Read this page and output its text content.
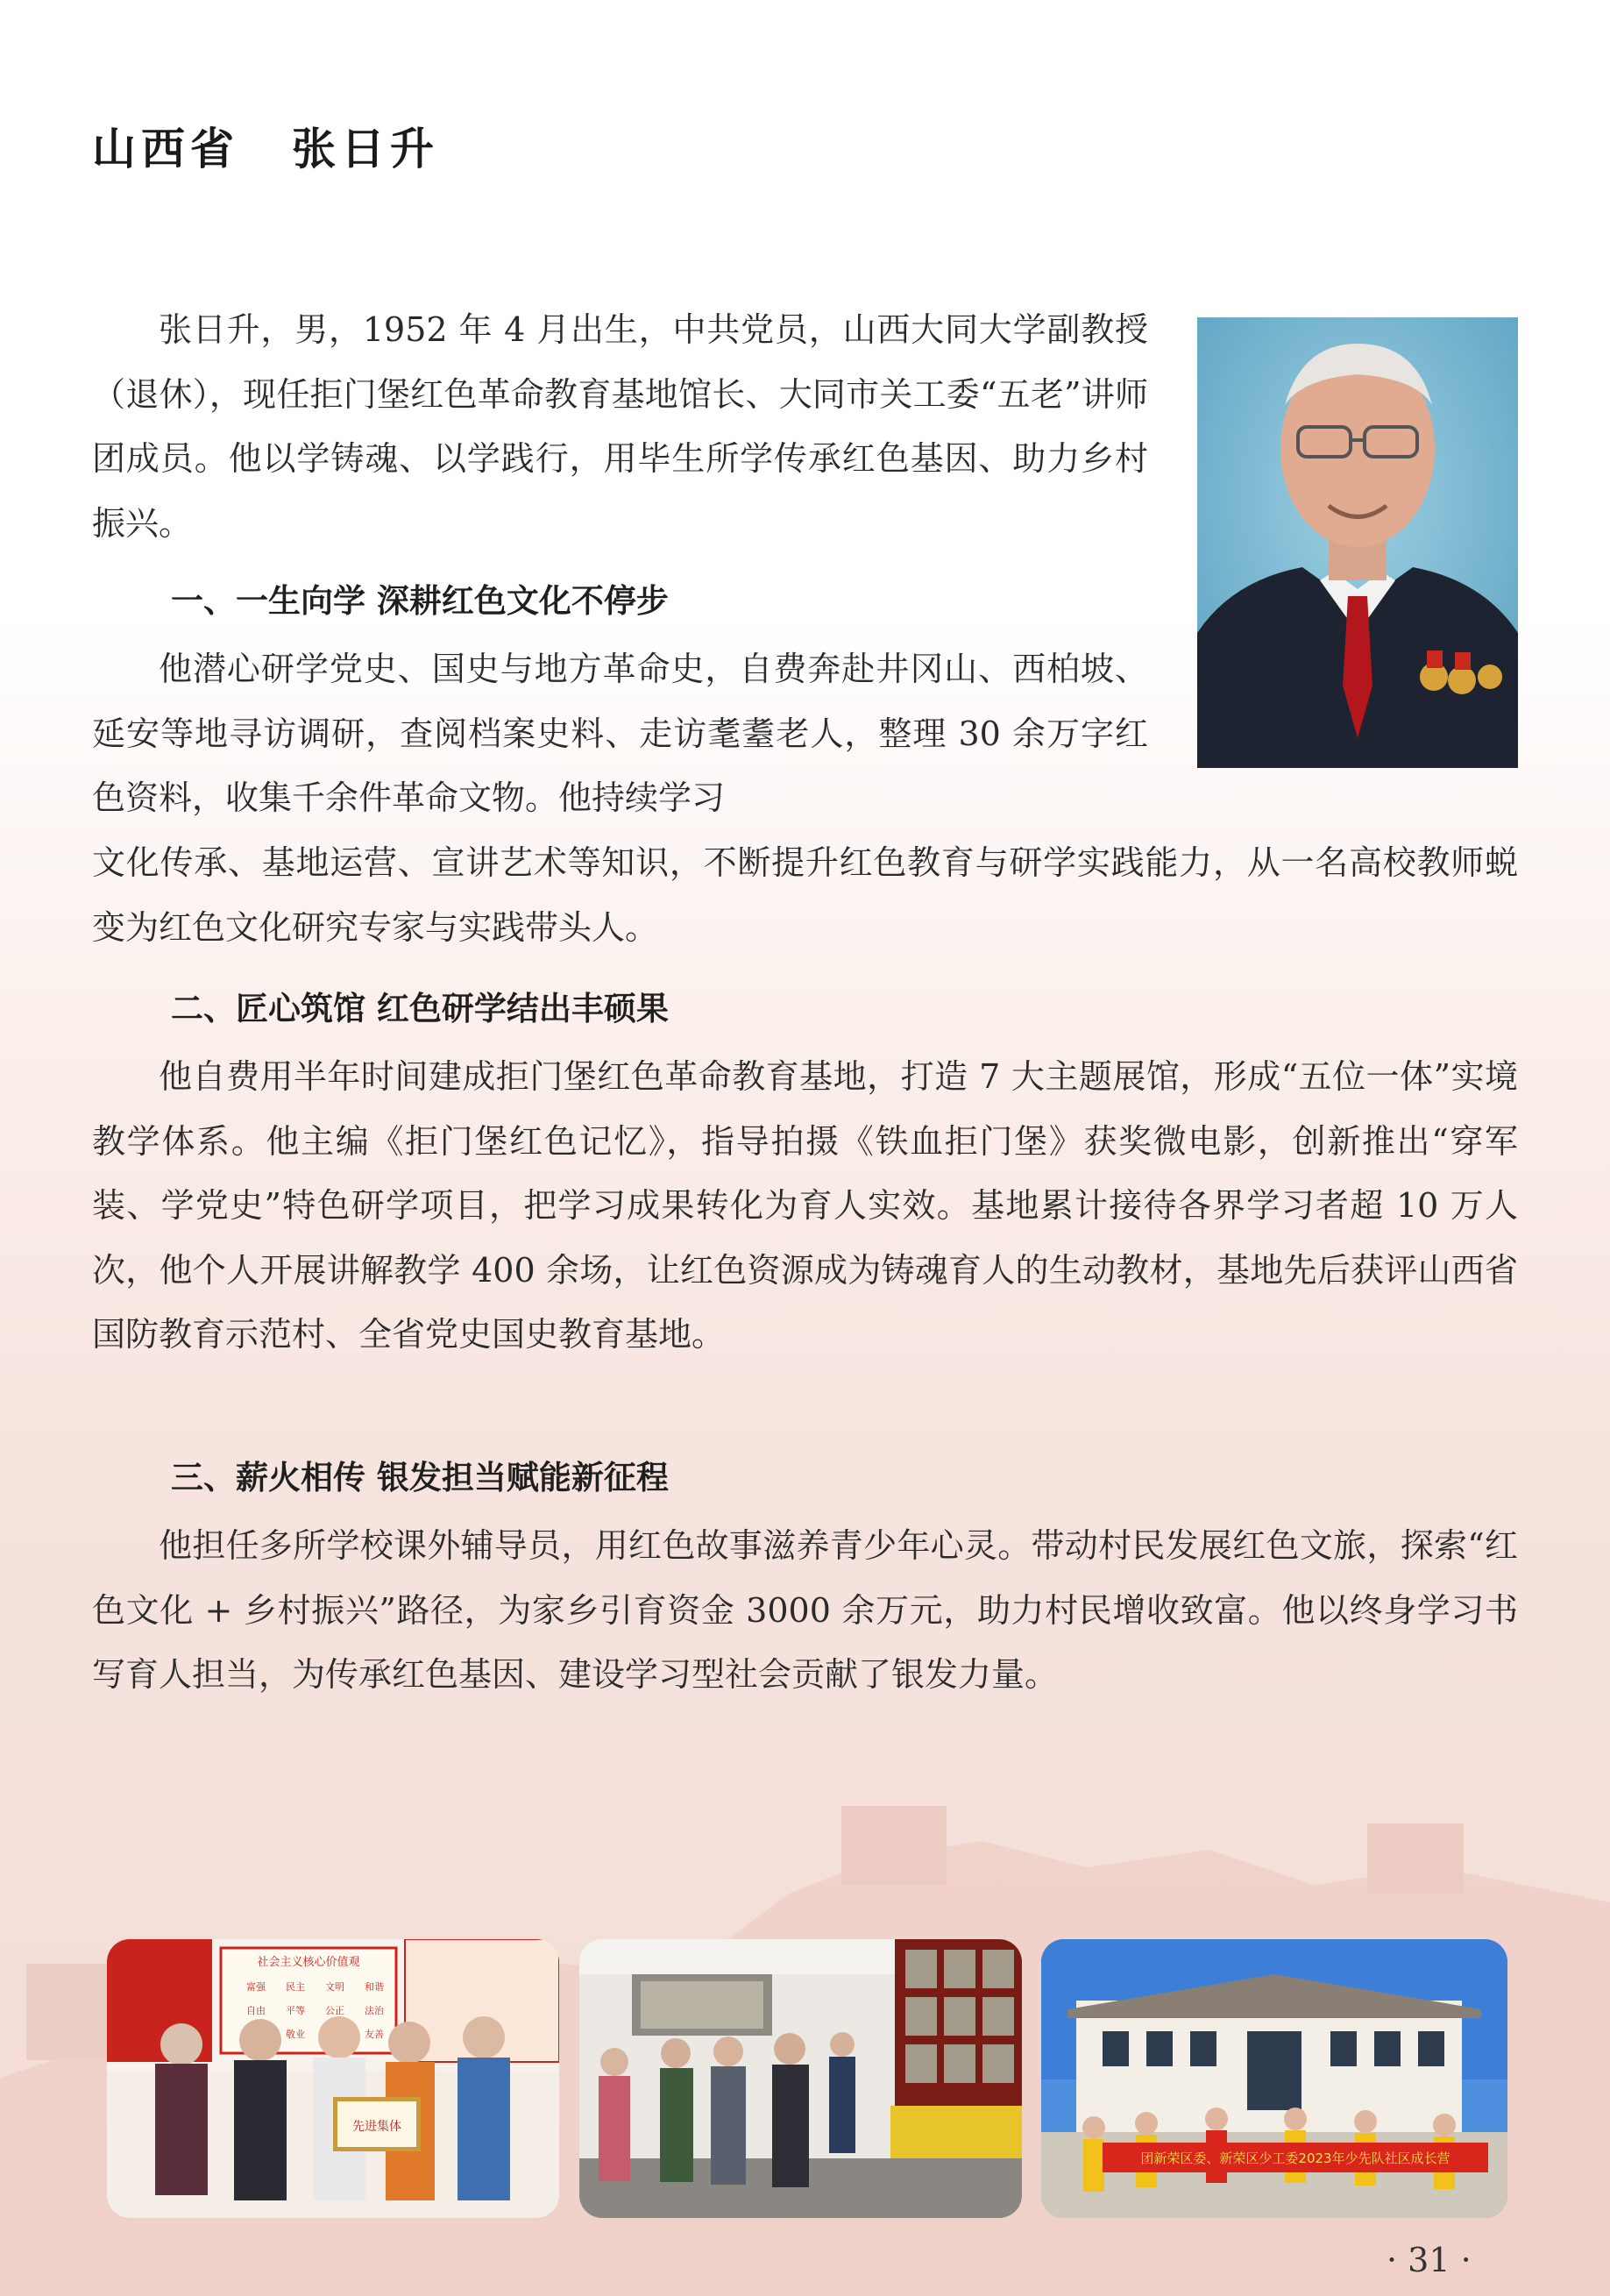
山西省 张日升

张日升，男，1952 年 4 月出生，中共党员，山西大同大学副教授（退休），现任拒门堡红色革命教育基地馆长、大同市关工委“五老”讲师团成员。他以学铸魂、以学践行，用毕生所学传承红色基因、助力乡村振兴。

一、一生向学 深耕红色文化不停步

他潜心研学党史、国史与地方革命史，自费奔赴井冈山、西柏坡、延安等地寻访调研，查阅档案史料、走访耄耋老人，整理 30 余万字红色资料，收集千余件革命文物。他持续学习

文化传承、基地运营、宣讲艺术等知识，不断提升红色教育与研学实践能力，从一名高校教师蜕变为红色文化研究专家与实践带头人。

二、匠心筑馆 红色研学结出丰硕果

他自费用半年时间建成拒门堡红色革命教育基地，打造 7 大主题展馆，形成“五位一体”实境教学体系。他主编《拒门堡红色记忆》，指导拍摄《铁血拒门堡》获奖微电影，创新推出“穿军装、学党史”特色研学项目，把学习成果转化为育人实效。基地累计接待各界学习者超 10 万人次，他个人开展讲解教学 400 余场，让红色资源成为铸魂育人的生动教材，基地先后获评山西省国防教育示范村、全省党史国史教育基地。

三、薪火相传 银发担当赋能新征程

他担任多所学校课外辅导员，用红色故事滋养青少年心灵。带动村民发展红色文旅，探索“红色文化 + 乡村振兴”路径，为家乡引育资金 3000 余万元，助力村民增收致富。他以终身学习书写育人担当，为传承红色基因、建设学习型社会贡献了银发力量。

社会主义核心价值观
富强 民主 文明 和谐
自由 平等 公正 法治
敬业	友善
先进集体
团新荣区委、新荣区少工委2023年少先队社区成长营
· 31 ·
